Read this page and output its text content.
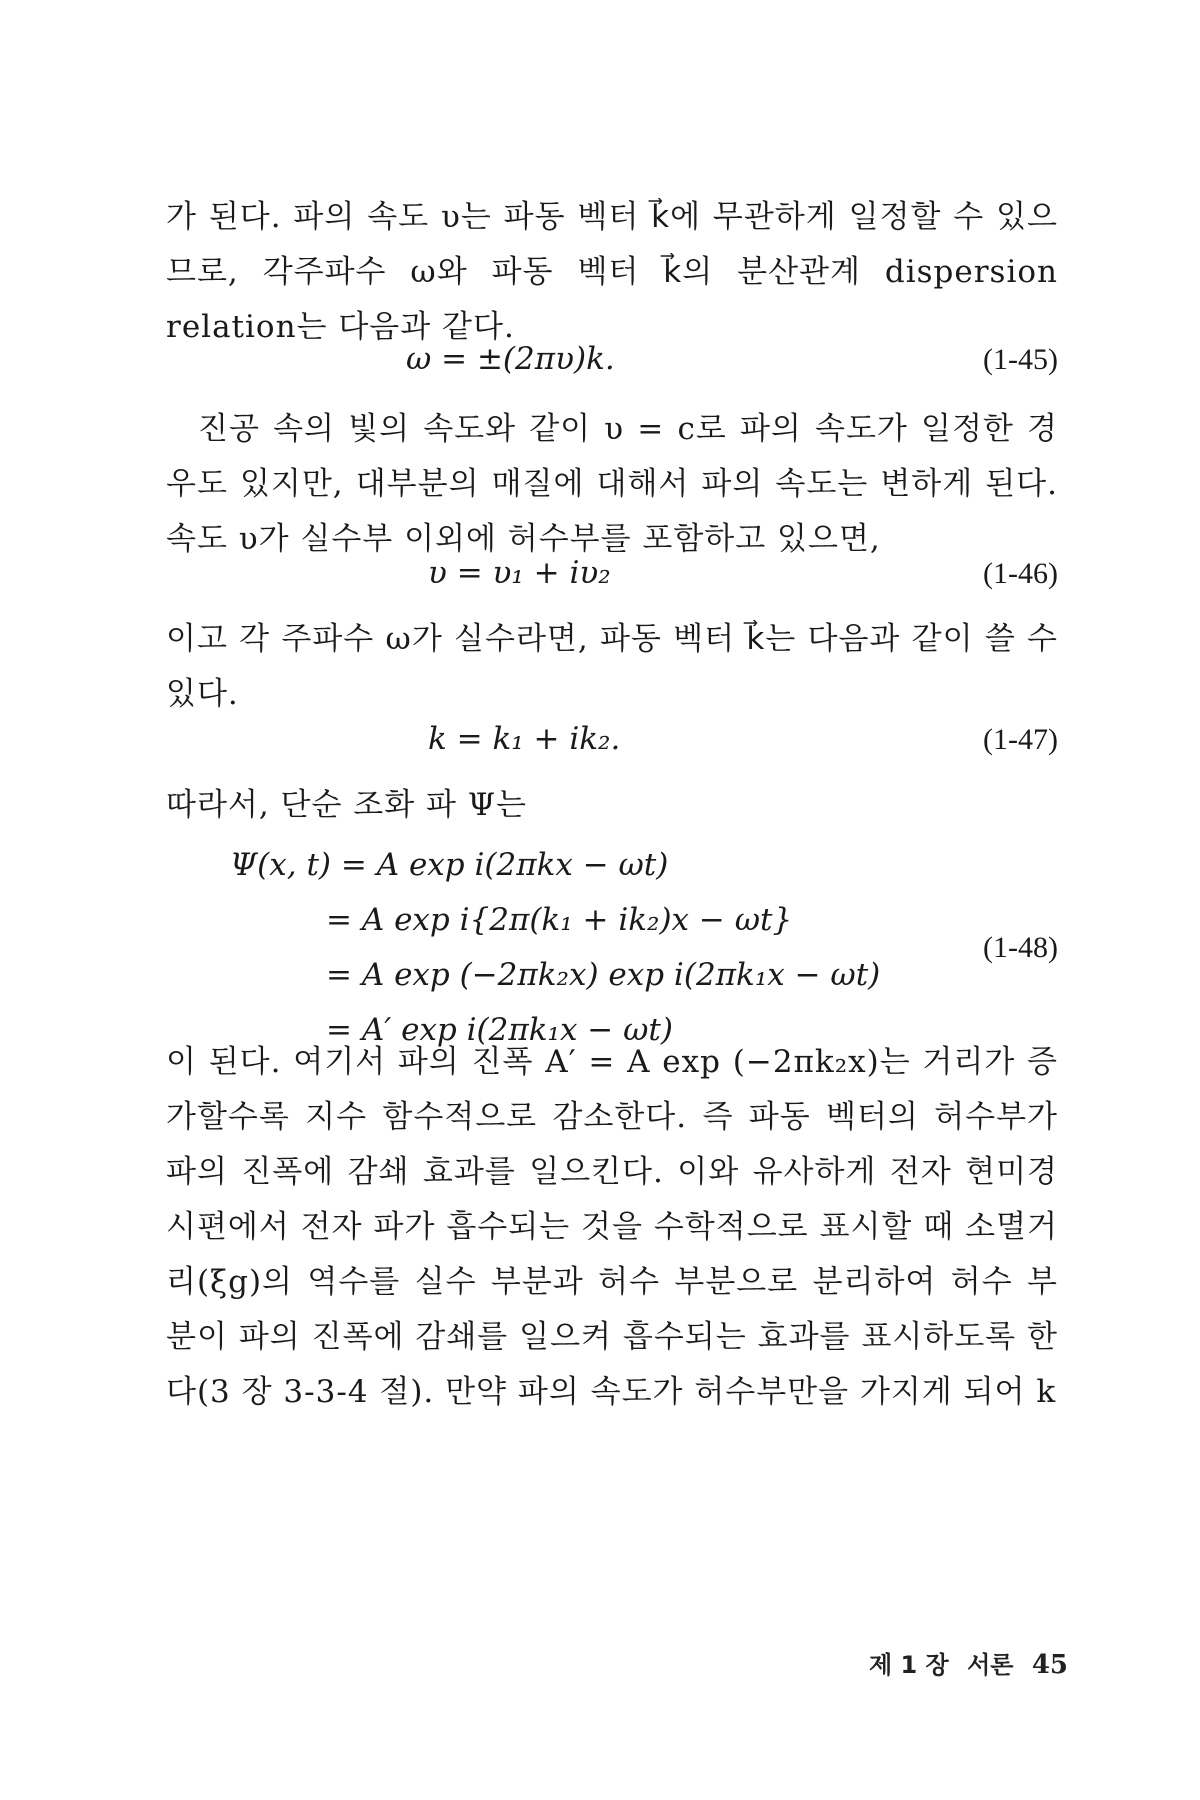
가 된다. 파의 속도 υ는 파동 벡터 k⃗에 무관하게 일정할 수 있으므로, 각주파수 ω와 파동 벡터 k⃗의 분산관계 dispersion relation는 다음과 같다.
ω = ±(2πυ)k.	(1-45)
진공 속의 빛의 속도와 같이 υ = c로 파의 속도가 일정한 경우도 있지만, 대부분의 매질에 대해서 파의 속도는 변하게 된다. 속도 υ가 실수부 이외에 허수부를 포함하고 있으면,
υ = υ₁ + iυ₂	(1-46)
이고 각 주파수 ω가 실수라면, 파동 벡터 k⃗는 다음과 같이 쓸 수 있다.
k = k₁ + ik₂.	(1-47)
따라서, 단순 조화 파 Ψ는
Ψ(x, t) = A exp i(2πkx − ωt)
= A exp i{2π(k₁ + ik₂)x − ωt}
= A exp (−2πk₂x) exp i(2πk₁x − ωt)
= A′ exp i(2πk₁x − ωt)
(1-48)
이 된다. 여기서 파의 진폭 A′ = A exp (−2πk₂x)는 거리가 증가할수록 지수 함수적으로 감소한다. 즉 파동 벡터의 허수부가 파의 진폭에 감쇄 효과를 일으킨다. 이와 유사하게 전자 현미경 시편에서 전자 파가 흡수되는 것을 수학적으로 표시할 때 소멸거리(ξg)의 역수를 실수 부분과 허수 부분으로 분리하여 허수 부분이 파의 진폭에 감쇄를 일으켜 흡수되는 효과를 표시하도록 한다(3 장 3-3-4 절). 만약 파의 속도가 허수부만을 가지게 되어 k
제 1 장 서론 45
